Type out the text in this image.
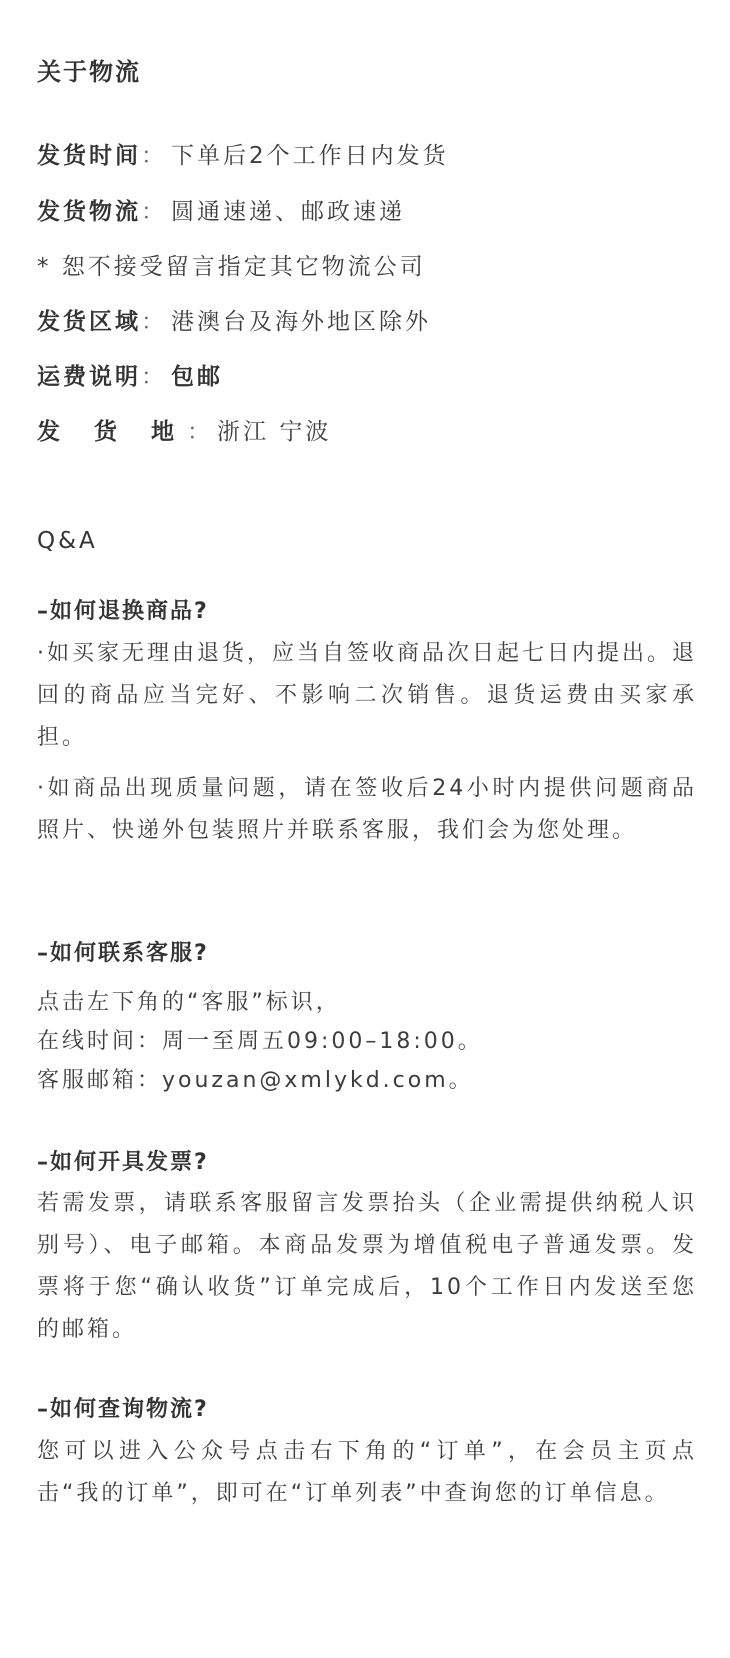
关于物流
发货时间： 下单后2个工作日内发货
发货物流： 圆通速递、邮政速递
* 恕不接受留言指定其它物流公司
发货区域： 港澳台及海外地区除外
运费说明： 包邮
发 货 地： 浙江 宁波
Q&A
–如何退换商品?
·如买家无理由退货，应当自签收商品次日起七日内提出。退回的商品应当完好、不影响二次销售。退货运费由买家承担。
·如商品出现质量问题，请在签收后24小时内提供问题商品照片、快递外包装照片并联系客服，我们会为您处理。
–如何联系客服?
点击左下角的“客服”标识，
在线时间：周一至周五09:00–18:00。
客服邮箱：youzan@xmlykd.com。
–如何开具发票?
若需发票，请联系客服留言发票抬头（企业需提供纳税人识别号）、电子邮箱。本商品发票为增值税电子普通发票。发票将于您“确认收货”订单完成后，10个工作日内发送至您的邮箱。
–如何查询物流?
您可以进入公众号点击右下角的“订单”，在会员主页点击“我的订单”，即可在“订单列表”中查询您的订单信息。
